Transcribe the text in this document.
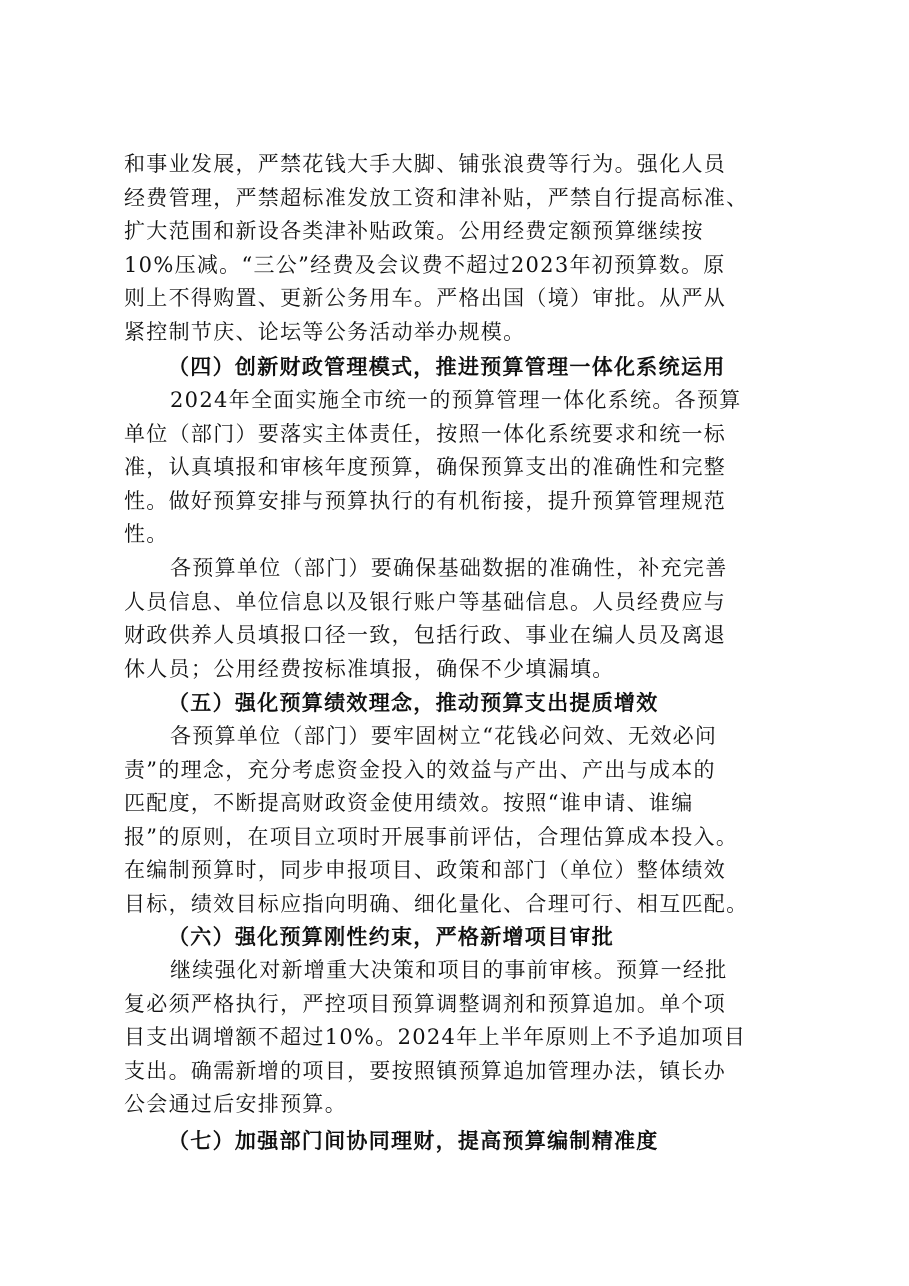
和事业发展，严禁花钱大手大脚、铺张浪费等行为。强化人员
经费管理，严禁超标准发放工资和津补贴，严禁自行提高标准、
扩大范围和新设各类津补贴政策。公用经费定额预算继续按
10%压减。“三公”经费及会议费不超过2023年初预算数。原
则上不得购置、更新公务用车。严格出国（境）审批。从严从
紧控制节庆、论坛等公务活动举办规模。
（四）创新财政管理模式，推进预算管理一体化系统运用
2024年全面实施全市统一的预算管理一体化系统。各预算
单位（部门）要落实主体责任，按照一体化系统要求和统一标
准，认真填报和审核年度预算，确保预算支出的准确性和完整
性。做好预算安排与预算执行的有机衔接，提升预算管理规范
性。
各预算单位（部门）要确保基础数据的准确性，补充完善
人员信息、单位信息以及银行账户等基础信息。人员经费应与
财政供养人员填报口径一致，包括行政、事业在编人员及离退
休人员；公用经费按标准填报，确保不少填漏填。
（五）强化预算绩效理念，推动预算支出提质增效
各预算单位（部门）要牢固树立“花钱必问效、无效必问
责”的理念，充分考虑资金投入的效益与产出、产出与成本的
匹配度，不断提高财政资金使用绩效。按照“谁申请、谁编
报”的原则，在项目立项时开展事前评估，合理估算成本投入。
在编制预算时，同步申报项目、政策和部门（单位）整体绩效
目标，绩效目标应指向明确、细化量化、合理可行、相互匹配。
（六）强化预算刚性约束，严格新增项目审批
继续强化对新增重大决策和项目的事前审核。预算一经批
复必须严格执行，严控项目预算调整调剂和预算追加。单个项
目支出调增额不超过10%。2024年上半年原则上不予追加项目
支出。确需新增的项目，要按照镇预算追加管理办法，镇长办
公会通过后安排预算。
（七）加强部门间协同理财，提高预算编制精准度
